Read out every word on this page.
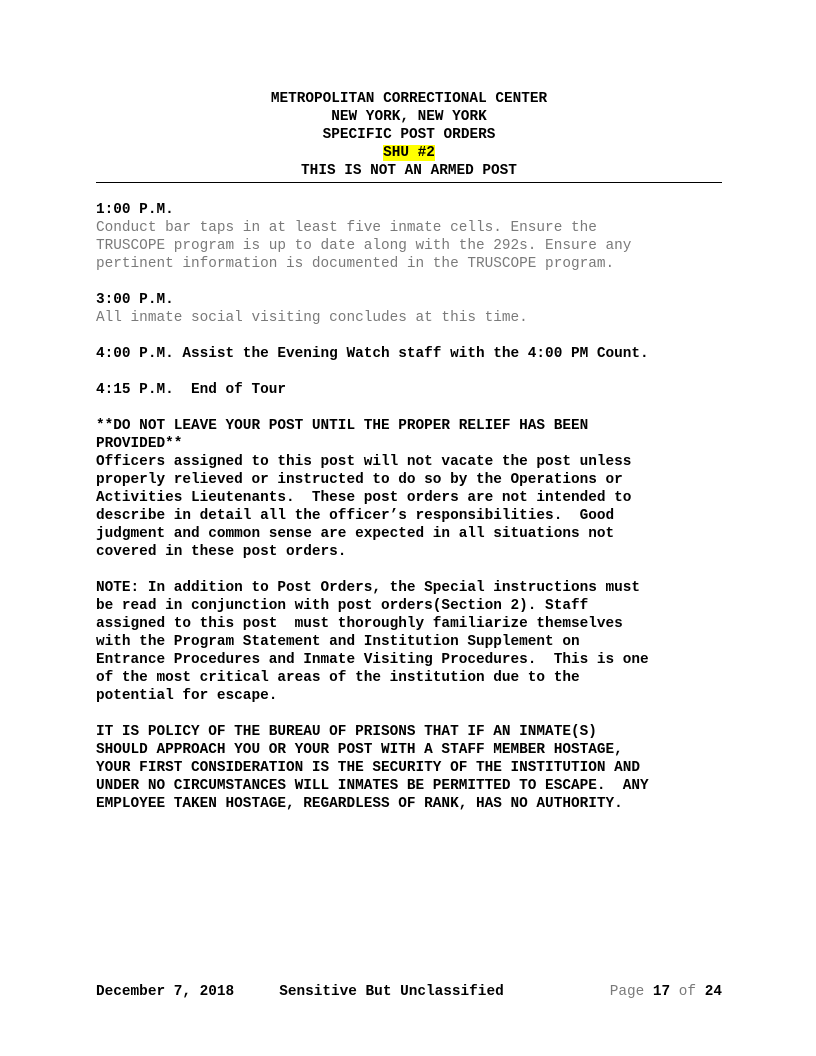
METROPOLITAN CORRECTIONAL CENTER
NEW YORK, NEW YORK
SPECIFIC POST ORDERS
SHU #2
THIS IS NOT AN ARMED POST
1:00 P.M.
Conduct bar taps in at least five inmate cells. Ensure the
TRUSCOPE program is up to date along with the 292s. Ensure any
pertinent information is documented in the TRUSCOPE program.
3:00 P.M.
All inmate social visiting concludes at this time.
4:00 P.M. Assist the Evening Watch staff with the 4:00 PM Count.
4:15 P.M.  End of Tour
**DO NOT LEAVE YOUR POST UNTIL THE PROPER RELIEF HAS BEEN
PROVIDED**
Officers assigned to this post will not vacate the post unless
properly relieved or instructed to do so by the Operations or
Activities Lieutenants.  These post orders are not intended to
describe in detail all the officer’s responsibilities.  Good
judgment and common sense are expected in all situations not
covered in these post orders.
NOTE: In addition to Post Orders, the Special instructions must
be read in conjunction with post orders(Section 2). Staff
assigned to this post  must thoroughly familiarize themselves
with the Program Statement and Institution Supplement on
Entrance Procedures and Inmate Visiting Procedures.  This is one
of the most critical areas of the institution due to the
potential for escape.
IT IS POLICY OF THE BUREAU OF PRISONS THAT IF AN INMATE(S)
SHOULD APPROACH YOU OR YOUR POST WITH A STAFF MEMBER HOSTAGE,
YOUR FIRST CONSIDERATION IS THE SECURITY OF THE INSTITUTION AND
UNDER NO CIRCUMSTANCES WILL INMATES BE PERMITTED TO ESCAPE.  ANY
EMPLOYEE TAKEN HOSTAGE, REGARDLESS OF RANK, HAS NO AUTHORITY.
December 7, 2018	Sensitive But Unclassified	Page 17 of 24
